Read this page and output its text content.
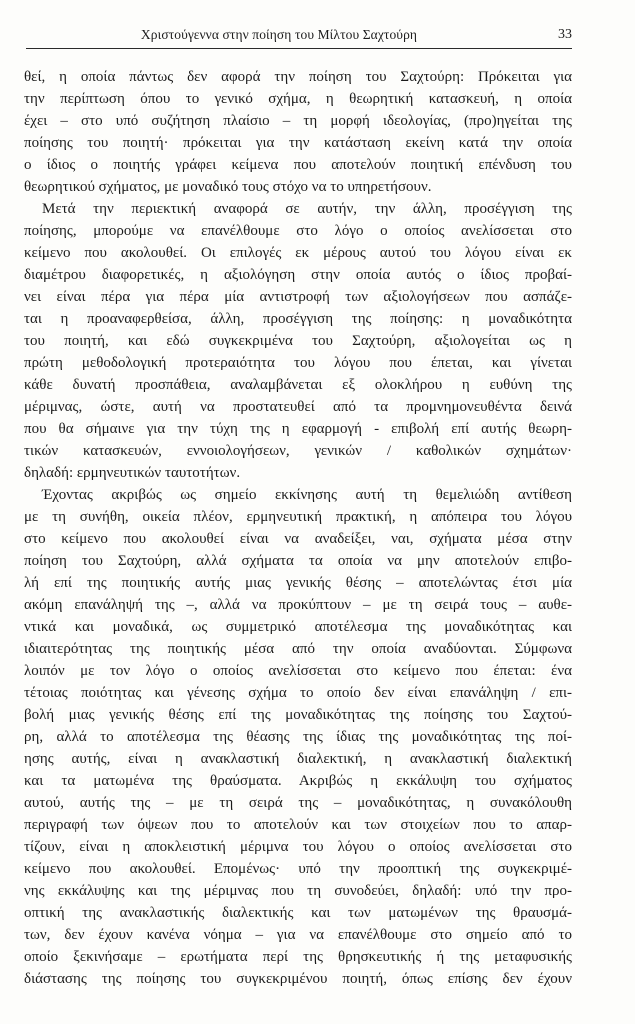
Χριστούγεννα στην ποίηση του Μίλτου Σαχτούρη	33
θεί, η οποία πάντως δεν αφορά την ποίηση του Σαχτούρη: Πρόκειται για
την περίπτωση όπου το γενικό σχήμα, η θεωρητική κατασκευή, η οποία
έχει – στο υπό συζήτηση πλαίσιο – τη μορφή ιδεολογίας, (προ)ηγείται της
ποίησης του ποιητή· πρόκειται για την κατάσταση εκείνη κατά την οποία
ο ίδιος ο ποιητής γράφει κείμενα που αποτελούν ποιητική επένδυση του
θεωρητικού σχήματος, με μοναδικό τους στόχο να το υπηρετήσουν.
Μετά την περιεκτική αναφορά σε αυτήν, την άλλη, προσέγγιση της
ποίησης, μπορούμε να επανέλθουμε στο λόγο ο οποίος ανελίσσεται στο
κείμενο που ακολουθεί. Οι επιλογές εκ μέρους αυτού του λόγου είναι εκ
διαμέτρου διαφορετικές, η αξιολόγηση στην οποία αυτός ο ίδιος προβαί-
νει είναι πέρα για πέρα μία αντιστροφή των αξιολογήσεων που ασπάζε-
ται η προαναφερθείσα, άλλη, προσέγγιση της ποίησης: η μοναδικότητα
του ποιητή, και εδώ συγκεκριμένα του Σαχτούρη, αξιολογείται ως η
πρώτη μεθοδολογική προτεραιότητα του λόγου που έπεται, και γίνεται
κάθε δυνατή προσπάθεια, αναλαμβάνεται εξ ολοκλήρου η ευθύνη της
μέριμνας, ώστε, αυτή να προστατευθεί από τα προμνημονευθέντα δεινά
που θα σήμαινε για την τύχη της η εφαρμογή - επιβολή επί αυτής θεωρη-
τικών κατασκευών, εννοιολογήσεων, γενικών / καθολικών σχημάτων·
δηλαδή: ερμηνευτικών ταυτοτήτων.
Έχοντας ακριβώς ως σημείο εκκίνησης αυτή τη θεμελιώδη αντίθεση
με τη συνήθη, οικεία πλέον, ερμηνευτική πρακτική, η απόπειρα του λόγου
στο κείμενο που ακολουθεί είναι να αναδείξει, ναι, σχήματα μέσα στην
ποίηση του Σαχτούρη, αλλά σχήματα τα οποία να μην αποτελούν επιβο-
λή επί της ποιητικής αυτής μιας γενικής θέσης – αποτελώντας έτσι μία
ακόμη επανάληψή της –, αλλά να προκύπτουν – με τη σειρά τους – αυθε-
ντικά και μοναδικά, ως συμμετρικό αποτέλεσμα της μοναδικότητας και
ιδιαιτερότητας της ποιητικής μέσα από την οποία αναδύονται. Σύμφωνα
λοιπόν με τον λόγο ο οποίος ανελίσσεται στο κείμενο που έπεται: ένα
τέτοιας ποιότητας και γένεσης σχήμα το οποίο δεν είναι επανάληψη / επι-
βολή μιας γενικής θέσης επί της μοναδικότητας της ποίησης του Σαχτού-
ρη, αλλά το αποτέλεσμα της θέασης της ίδιας της μοναδικότητας της ποί-
ησης αυτής, είναι η ανακλαστική διαλεκτική, η ανακλαστική διαλεκτική
και τα ματωμένα της θραύσματα. Ακριβώς η εκκάλυψη του σχήματος
αυτού, αυτής της – με τη σειρά της – μοναδικότητας, η συνακόλουθη
περιγραφή των όψεων που το αποτελούν και των στοιχείων που το απαρ-
τίζουν, είναι η αποκλειστική μέριμνα του λόγου ο οποίος ανελίσσεται στο
κείμενο που ακολουθεί. Επομένως· υπό την προοπτική της συγκεκριμέ-
νης εκκάλυψης και της μέριμνας που τη συνοδεύει, δηλαδή: υπό την προ-
οπτική της ανακλαστικής διαλεκτικής και των ματωμένων της θραυσμά-
των, δεν έχουν κανένα νόημα – για να επανέλθουμε στο σημείο από το
οποίο ξεκινήσαμε – ερωτήματα περί της θρησκευτικής ή της μεταφυσικής
διάστασης της ποίησης του συγκεκριμένου ποιητή, όπως επίσης δεν έχουν
